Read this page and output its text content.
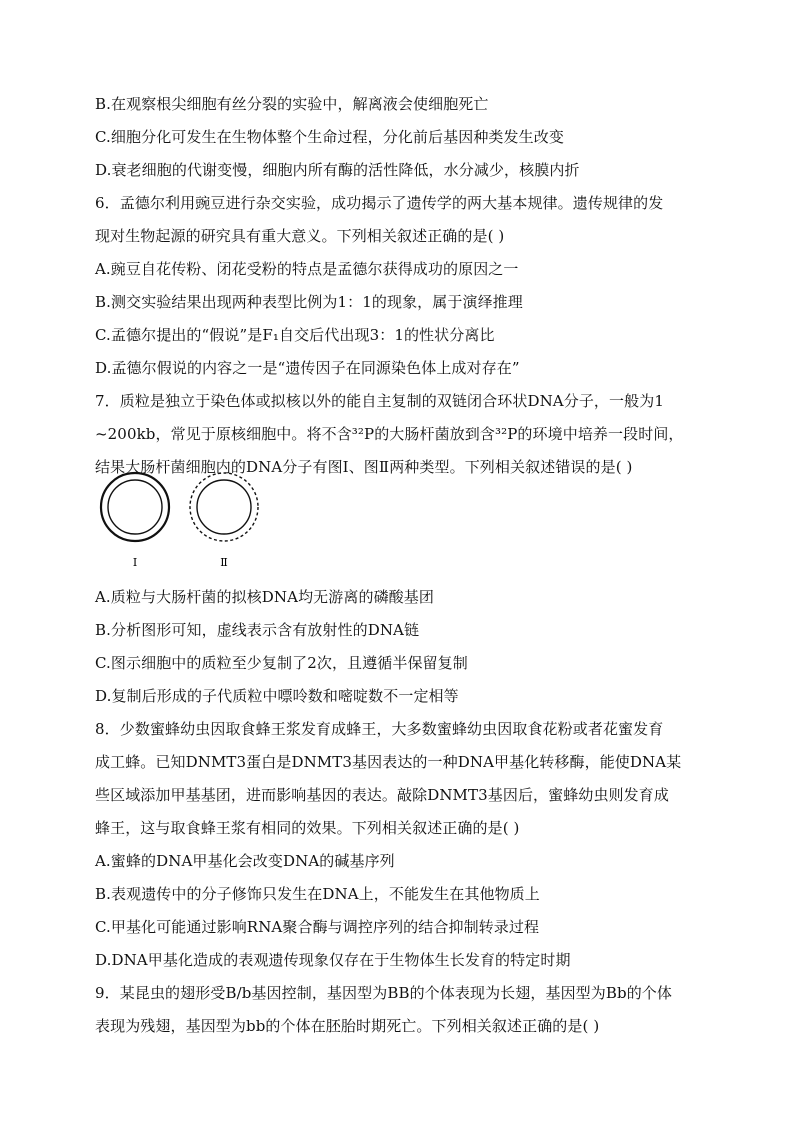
B.在观察根尖细胞有丝分裂的实验中，解离液会使细胞死亡
C.细胞分化可发生在生物体整个生命过程，分化前后基因种类发生改变
D.衰老细胞的代谢变慢，细胞内所有酶的活性降低，水分减少，核膜内折
6．孟德尔利用豌豆进行杂交实验，成功揭示了遗传学的两大基本规律。遗传规律的发
现对生物起源的研究具有重大意义。下列相关叙述正确的是( )
A.豌豆自花传粉、闭花受粉的特点是孟德尔获得成功的原因之一
B.测交实验结果出现两种表型比例为1：1的现象，属于演绎推理
C.孟德尔提出的“假说”是F₁自交后代出现3：1的性状分离比
D.孟德尔假说的内容之一是“遗传因子在同源染色体上成对存在”
7．质粒是独立于染色体或拟核以外的能自主复制的双链闭合环状DNA分子，一般为1
~200kb，常见于原核细胞中。将不含³²P的大肠杆菌放到含³²P的环境中培养一段时间，
结果大肠杆菌细胞内的DNA分子有图Ⅰ、图Ⅱ两种类型。下列相关叙述错误的是( )
Ⅰ	Ⅱ
A.质粒与大肠杆菌的拟核DNA均无游离的磷酸基团
B.分析图形可知，虚线表示含有放射性的DNA链
C.图示细胞中的质粒至少复制了2次，且遵循半保留复制
D.复制后形成的子代质粒中嘌呤数和嘧啶数不一定相等
8．少数蜜蜂幼虫因取食蜂王浆发育成蜂王，大多数蜜蜂幼虫因取食花粉或者花蜜发育
成工蜂。已知DNMT3蛋白是DNMT3基因表达的一种DNA甲基化转移酶，能使DNA某
些区域添加甲基基团，进而影响基因的表达。敲除DNMT3基因后，蜜蜂幼虫则发育成
蜂王，这与取食蜂王浆有相同的效果。下列相关叙述正确的是( )
A.蜜蜂的DNA甲基化会改变DNA的碱基序列
B.表观遗传中的分子修饰只发生在DNA上，不能发生在其他物质上
C.甲基化可能通过影响RNA聚合酶与调控序列的结合抑制转录过程
D.DNA甲基化造成的表观遗传现象仅存在于生物体生长发育的特定时期
9．某昆虫的翅形受B/b基因控制，基因型为BB的个体表现为长翅，基因型为Bb的个体
表现为残翅，基因型为bb的个体在胚胎时期死亡。下列相关叙述正确的是( )
